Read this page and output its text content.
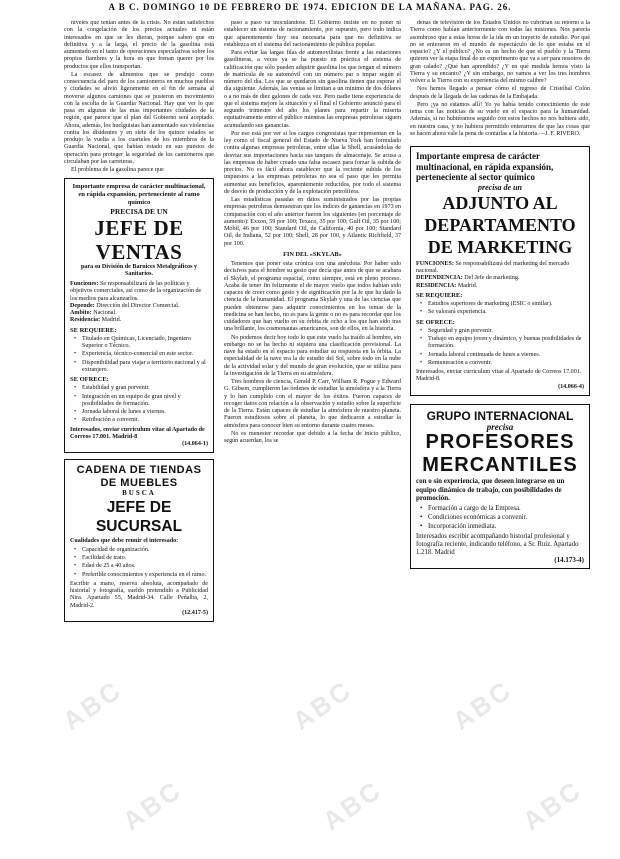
A B C. DOMINGO 10 DE FEBRERO DE 1974. EDICION DE LA MAÑANA. PAG. 26.

niveles que tenían antes de la crisis. No están satisfechos con la congelación de los precios actuales ni están interesados en que se les dieran, porque saben que en definitiva y a la larga, el precio de la gasolina está aumentado en el tanto de operaciones especulativas sobre los propios fiambres y la hora en que frenan querer por los productos que ellos transportan.

La escasez de alimentos que se produjo como consecuencia del paro de los camioneros en muchos pueblos y ciudades se alivió ligeramente en el fin de semana al moverse algunos camiones que se pusieron en movimiento con la escolta de la Guardia Nacional. Hay que ver lo que pasa en algunas de las mas importantes ciudades de la región, que parece que el plan del Gobierno será aceptado. Ahora, además, los huelguistas han aumentado sus violencias contra los disidentes y en siete de los quince estados se produjo la vuelta a los cuarteles de los miembros de la Guardia Nacional, que habían estado en sus puestos de operación para proteger la seguridad de los camioneros que circulaban por las carreteras.

El problema de la gasolina parece que

Importante empresa de carácter multinacional, en rápida expansión, perteneciente al ramo químico
PRECISA DE UN
JEFE DE VENTAS
para su División de Barnices Metalgráficos y Sanitarios.
Funciones: Se responsabilizará de las políticas y objetivos comerciales, así como de la organización de los medios para alcanzarlos.
Depende: Dirección del Director Comercial.
Ambito: Nacional.
Residencia: Madrid.
SE REQUIERE:
• Titulado en Químicas, Licenciado, Ingeniero Superior o Técnico.
• Experiencia, técnico-comercial en este sector.
• Disponibilidad para viajar a territorio nacional y al extranjero.
SE OFRECE:
• Estabilidad y gran porvenir.
• Integración en un equipo de gran nivel y posibilidades de formación.
• Jornada laboral de lunes a viernes.
• Retribución a convenir.
Interesados, enviar curriculum vitae al Apartado de Correos 17.001. Madrid-8
(14.064-1)
CADENA DE TIENDAS
DE MUEBLES
BUSCA
JEFE DE SUCURSAL
Cualidades que debe reunir el interesado:
• Capacidad de organización.
• Facilidad de trato.
• Edad de 25 a 40 años.
• Preferible conocimientos y experiencia en el ramo.
Escribir a mano, reserva absoluta, acompañado de historial y fotografía, sueldo pretendido a Publicidad Nira. Apartado 55, Madrid-34. Calle Peñalba, 2, Madrid-2.
(12.417-5)

paso a paso va inoculándose. El Gobierno insiste en no poner ni establecer un sistema de racionamiento, por supuesto, pero todo indica que aparentemente hoy sea necesaria para que no definitiva se establezca en el sistema del racionamiento de pública popular.

Para evitar las largas filas de automovilistas frente a las estaciones gasolineras, a veces ya se ha puesto en práctica el sistema de calificación que sólo pueden adquirir gasolina los que tengan el número de matrícula de su automóvil con un número par o impar según el número del día. Los que se quedaron sin gasolina tienen que esperar el día siguiente. Además, las ventas se limitan a un mínimo de dos dólares o a no más de diez galones de cada vez. Pero nadie tiene experiencia de que el sistema mejore la situación y el final el Gobierno anunció para el segundo trimestre del año los planes para repartir la miseria equitativamente entre el público mientras las empresas petroleras siguen acumulando sus ganancias.

Por eso está por ver si los cargos congresistas que representan en la ley como el fiscal general del Estado de Nueva York han formulado contra algunas empresas petroleras, entre ellas la Shell, acusándolas de desviar sus importaciones hacia sus tanques de almacenaje. Se acusa a las empresas de haber creado una falsa escasez para forzar la subida de precios. No es fácil ahora establecer que la reciente subida de los impuestos a las empresas petroleras no sea el paso que les permita aumentar sus beneficios, aparentemente reducidos, por todo el sistema de desvío de producción y de la explotación petrolífera.

Las estadísticas pasadas en datos suministrados por las propias empresas petroleras demuestran que los índices de ganancias en 1973 en comparación con el año anterior fueron los siguientes (en porcentaje de aumento): Exxon, 59 por 100; Texaco, 35 por 100; Gulf Oil, 35 por 100; Mobil, 46 por 100; Standard Oil, de California, 40 por 100; Standard Oil, de Indiana, 52 por 100; Shell, 28 por 100, y Atlantic Richfield, 37 por 100.

FIN DEL «SKYLAB»

Tenemos que poner esta crónica con una anécdota. Por haber sido decisivos para el hombre su gesto que decía que antes de que se acabara el Skylab, el programa espacial, como siempre, está en pleno proceso. Acaba de tener fin felizmente el de mayor vuelo que todos habían sido capaces de creer como gesto y de significación por la fe que ha dado la ciencia de la humanidad. El programa Skylab y una de las ciencias que pueden obtenerse para adquirir conocimientos en los temas de la medicina se han hecho, no es para la gente o no es para recordar que los cuidadores que han vuelto en su órbita de ocho a los que han sido tras una brillante, los cosmonautas americanos, son de ellos, en la historia.

No podemos decir hoy todo lo que este vuelo ha traído al hombre, sin embargo no se ha hecho ni siquiera una clasificación provisional. La nave ha estado en el espacio para estudiar su respuesta en la órbita. La especialidad de la nave era la de estudio del Sol, sobre todo en la nube de la actividad solar y del mundo de gran evolución, que se utiliza para la investigación de la Tierra en su atmósfera.

Tres hombres de ciencia, Gerald P. Carr, William R. Pogue y Edward G. Gibson, cumplieron las órdenes de estudiar la atmósfera y a la Tierra y lo han cumplido con el mayor de los éxitos. Fueron capaces de recoger datos con relación a la observación y estudio sobre la superficie de la Tierra. Están capaces de estudiar la atmósfera de nuestro planeta. Fueron estudiosos sobre el planeta, lo que dedicaron a estudiar la atmósfera para conocer bien su entorno durante cuatro meses.

No es menester recordar que debido a la fecha de inicio público, según acuerdan, los se

denas de televisión de los Estados Unidos no cubrirían su retorno a la Tierra como habían anteriormente con todas las misiones. Nos parecía asombroso que a estas horas de la ida en un trayecto de estudio. Por qué no se enteraron en el mundo de espectáculo de lo que estaba en el espacio? ¿Y el público? ¿No es un hecho de que el pueblo y la Tierra quieren ver la etapa final de un experimento que va a ser para nosotros de gran calado? ¿Qué han aprendido? ¿Y en qué medida hemos visto la Tierra y su encanto? ¿Y sin embargo, no vamos a ver los tres hombres volver a la Tierra con su experiencia del mismo calibre?

Nos hemos llegado a pensar cómo el regreso de Cristóbal Colón después de la llegada de las cadenas de la Embajada.

Pero ¡ya no estamos allí! Yo ya había tenido conocimiento de este tema con las noticias de su vuelo en el espacio para la humanidad. Además, si no hubiéramos seguido con estos hechos no nos hubiera sido, en nuestra casa, y no hubiera permitido enterarnos de que las cosas que se hacen ahora vale la pena de contarlas a la historia.—J. F. RIVERO.

Importante empresa de carácter multinacional, en rápida expansión, perteneciente al sector químico
precisa de un
ADJUNTO AL
DEPARTAMENTO
DE MARKETING
FUNCIONES: Se responsabilizará del marketing del mercado nacional.
DEPENDENCIA: Del Jefe de marketing.
RESIDENCIA: Madrid.
SE REQUIERE:
• Estudios superiores de marketing (ESIC o similar).
• Se valorará experiencia.
SE OFRECE:
• Seguridad y gran porvenir.
• Trabajo en equipo joven y dinámico, y buenas posibilidades de formación.
• Jornada laboral continuada de lunes a viernes.
• Remuneración a convenir.
Interesados, enviar curriculum vitae al Apartado de Correos 17.001. Madrid-8.
(14.066-4)
GRUPO INTERNACIONAL
precisa
PROFESORES
MERCANTILES
con o sin experiencia, que deseen integrarse en un equipo dinámico de trabajo, con posibilidades de promoción.
• Formación a cargo de la Empresa.
• Condiciones económicas a convenir.
• Incorporación inmediata.
Interesados escribir acompañando historial profesional y fotografía reciente, indicando teléfono, a Sr. Ruiz. Apartado 1.218. Madrid
(14.173-4)
ABC	ABC
ABC
ABC	ABC
ABC
